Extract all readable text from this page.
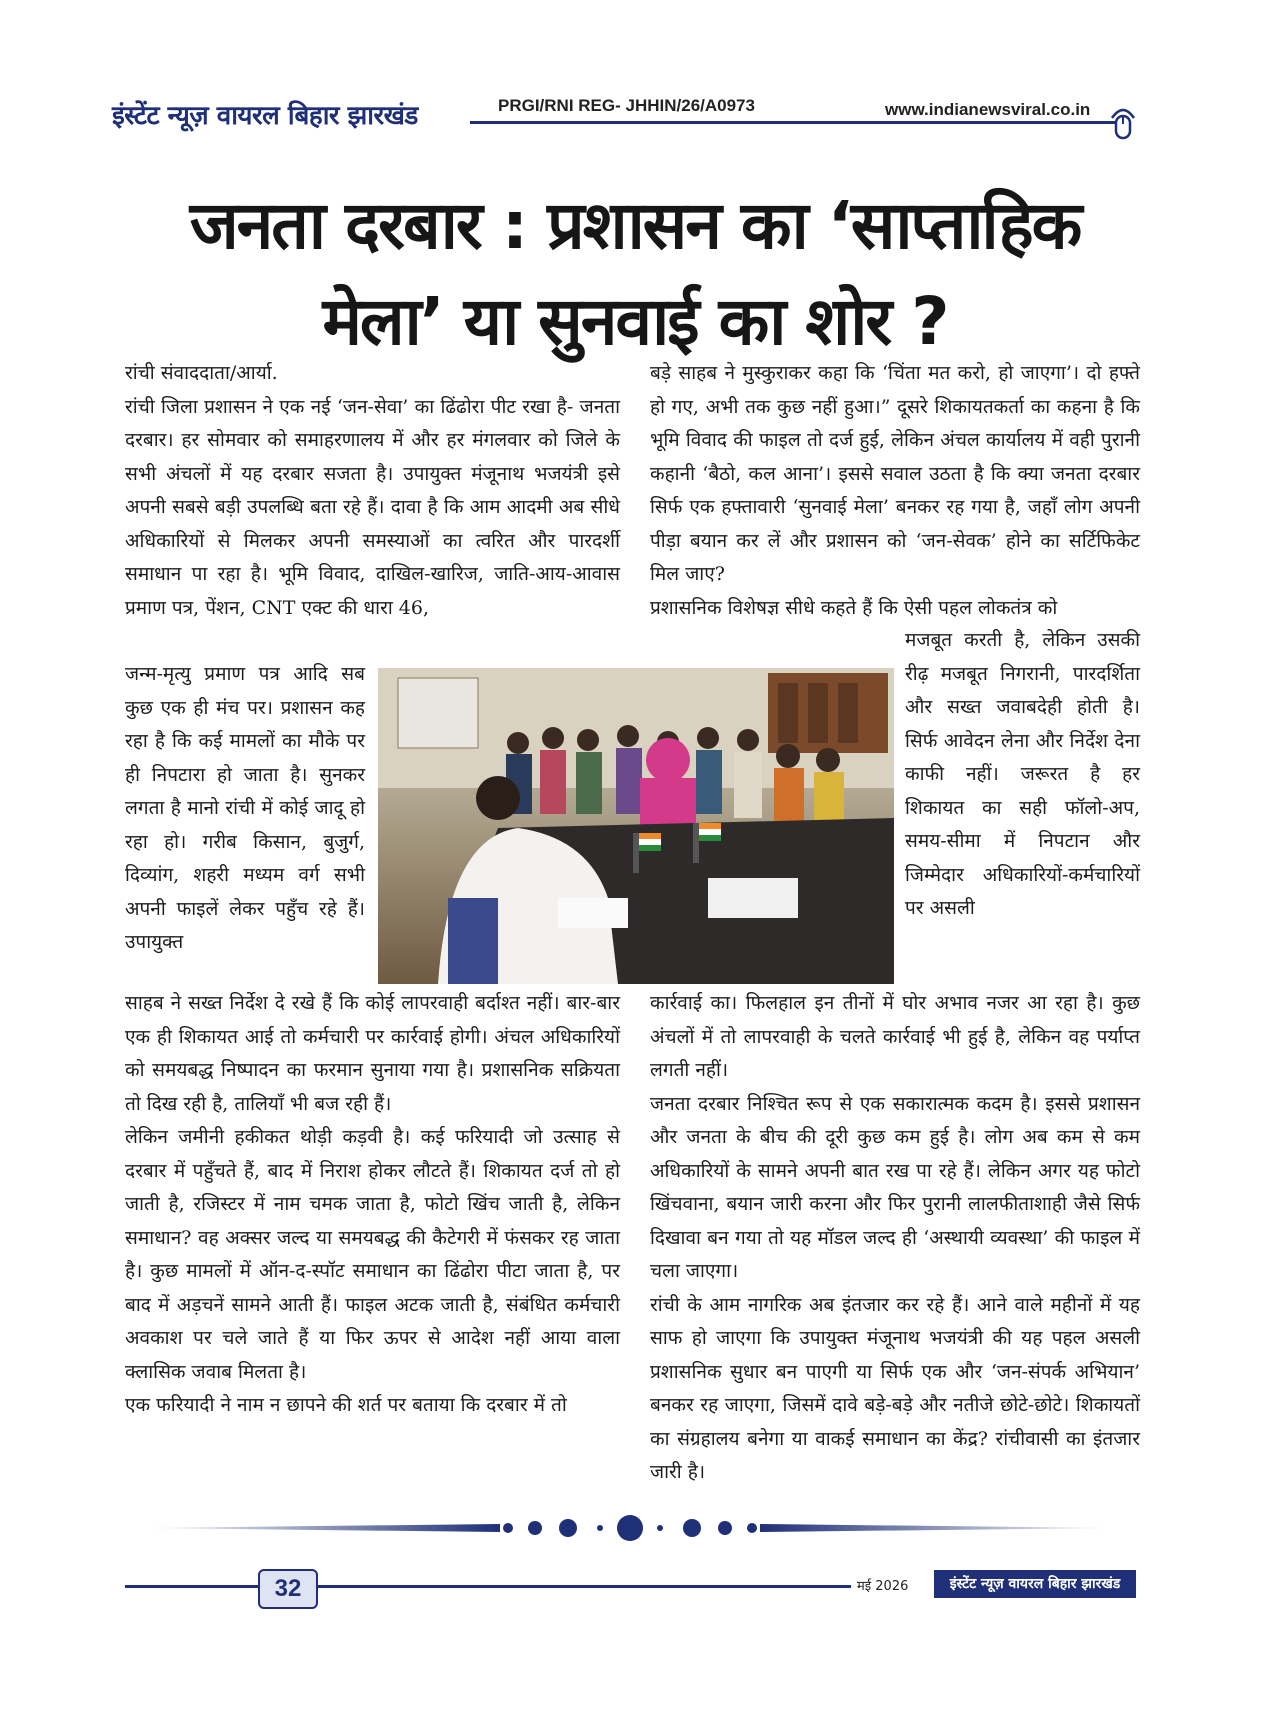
इंस्टेंट न्यूज़ वायरल बिहार झारखंड	PRGI/RNI REG- JHHIN/26/A0973	www.indianewsviral.co.in
जनता दरबार : प्रशासन का ‘साप्ताहिक मेला’ या सुनवाई का शोर ?

रांची संवाददाता/आर्या.

रांची जिला प्रशासन ने एक नई ‘जन-सेवा’ का ढिंढोरा पीट रखा है- जनता दरबार। हर सोमवार को समाहरणालय में और हर मंगलवार को जिले के सभी अंचलों में यह दरबार सजता है। उपायुक्त मंजूनाथ भजयंत्री इसे अपनी सबसे बड़ी उपलब्धि बता रहे हैं। दावा है कि आम आदमी अब सीधे अधिकारियों से मिलकर अपनी समस्याओं का त्वरित और पारदर्शी समाधान पा रहा है। भूमि विवाद, दाखिल-खारिज, जाति-आय-आवास प्रमाण पत्र, पेंशन, CNT एक्ट की धारा 46,

जन्म-मृत्यु प्रमाण पत्र आदि सब कुछ एक ही मंच पर। प्रशासन कह रहा है कि कई मामलों का मौके पर ही निपटारा हो जाता है। सुनकर लगता है मानो रांची में कोई जादू हो रहा हो। गरीब किसान, बुजुर्ग, दिव्यांग, शहरी मध्यम वर्ग सभी अपनी फाइलें लेकर पहुँच रहे हैं। उपायुक्त

साहब ने सख्त निर्देश दे रखे हैं कि कोई लापरवाही बर्दाश्त नहीं। बार-बार एक ही शिकायत आई तो कर्मचारी पर कार्रवाई होगी। अंचल अधिकारियों को समयबद्ध निष्पादन का फरमान सुनाया गया है। प्रशासनिक सक्रियता तो दिख रही है, तालियाँ भी बज रही हैं।

लेकिन जमीनी हकीकत थोड़ी कड़वी है। कई फरियादी जो उत्साह से दरबार में पहुँचते हैं, बाद में निराश होकर लौटते हैं। शिकायत दर्ज तो हो जाती है, रजिस्टर में नाम चमक जाता है, फोटो खिंच जाती है, लेकिन समाधान? वह अक्सर जल्द या समयबद्ध की कैटेगरी में फंसकर रह जाता है। कुछ मामलों में ऑन-द-स्पॉट समाधान का ढिंढोरा पीटा जाता है, पर बाद में अड़चनें सामने आती हैं। फाइल अटक जाती है, संबंधित कर्मचारी अवकाश पर चले जाते हैं या फिर ऊपर से आदेश नहीं आया वाला क्लासिक जवाब मिलता है।

एक फरियादी ने नाम न छापने की शर्त पर बताया कि दरबार में तो

बड़े साहब ने मुस्कुराकर कहा कि ‘चिंता मत करो, हो जाएगा’। दो हफ्ते हो गए, अभी तक कुछ नहीं हुआ।” दूसरे शिकायतकर्ता का कहना है कि भूमि विवाद की फाइल तो दर्ज हुई, लेकिन अंचल कार्यालय में वही पुरानी कहानी ‘बैठो, कल आना’। इससे सवाल उठता है कि क्या जनता दरबार सिर्फ एक हफ्तावारी ‘सुनवाई मेला’ बनकर रह गया है, जहाँ लोग अपनी पीड़ा बयान कर लें और प्रशासन को ‘जन-सेवक’ होने का सर्टिफिकेट मिल जाए?

प्रशासनिक विशेषज्ञ सीधे कहते हैं कि ऐसी पहल लोकतंत्र को

मजबूत करती है, लेकिन उसकी रीढ़ मजबूत निगरानी, पारदर्शिता और सख्त जवाबदेही होती है। सिर्फ आवेदन लेना और निर्देश देना काफी नहीं। जरूरत है हर शिकायत का सही फॉलो-अप, समय-सीमा में निपटान और जिम्मेदार अधिकारियों-कर्मचारियों पर असली

कार्रवाई का। फिलहाल इन तीनों में घोर अभाव नजर आ रहा है। कुछ अंचलों में तो लापरवाही के चलते कार्रवाई भी हुई है, लेकिन वह पर्याप्त लगती नहीं।

जनता दरबार निश्चित रूप से एक सकारात्मक कदम है। इससे प्रशासन और जनता के बीच की दूरी कुछ कम हुई है। लोग अब कम से कम अधिकारियों के सामने अपनी बात रख पा रहे हैं। लेकिन अगर यह फोटो खिंचवाना, बयान जारी करना और फिर पुरानी लालफीताशाही जैसे सिर्फ दिखावा बन गया तो यह मॉडल जल्द ही ‘अस्थायी व्यवस्था’ की फाइल में चला जाएगा।

रांची के आम नागरिक अब इंतजार कर रहे हैं। आने वाले महीनों में यह साफ हो जाएगा कि उपायुक्त मंजूनाथ भजयंत्री की यह पहल असली प्रशासनिक सुधार बन पाएगी या सिर्फ एक और ‘जन-संपर्क अभियान’ बनकर रह जाएगा, जिसमें दावे बड़े-बड़े और नतीजे छोटे-छोटे। शिकायतों का संग्रहालय बनेगा या वाकई समाधान का केंद्र? रांचीवासी का इंतजार जारी है।

32	मई 2026	इंस्टेंट न्यूज़ वायरल बिहार झारखंड
